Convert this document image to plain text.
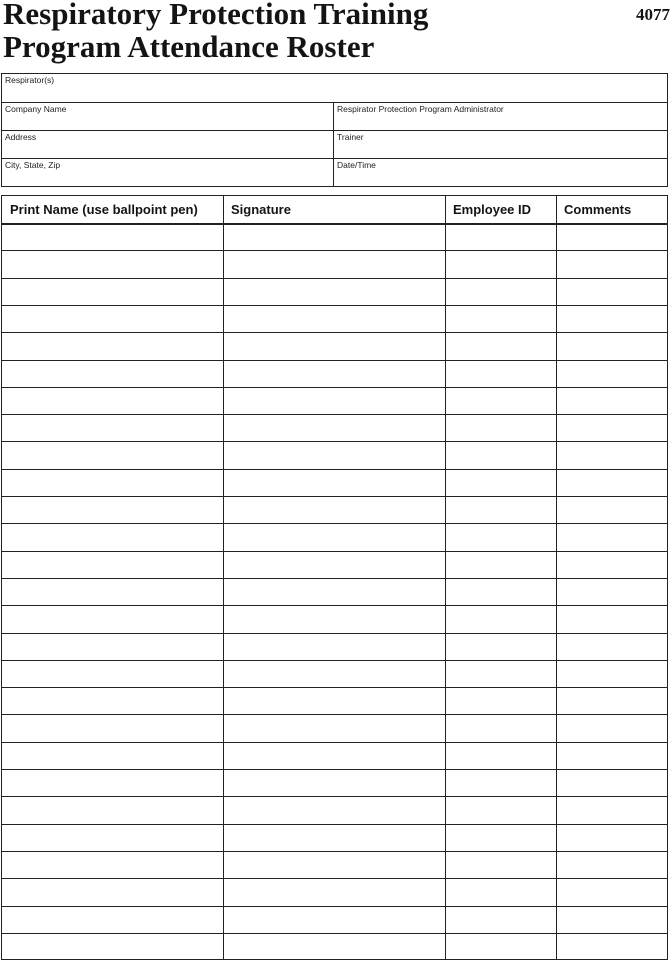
Respiratory Protection Training
Program Attendance Roster
4077
Respirator(s)
Company Name	Respirator Protection Program Administrator
Address	Trainer
City, State, Zip	Date/Time
Print Name (use ballpoint pen)	Signature	Employee ID	Comments
